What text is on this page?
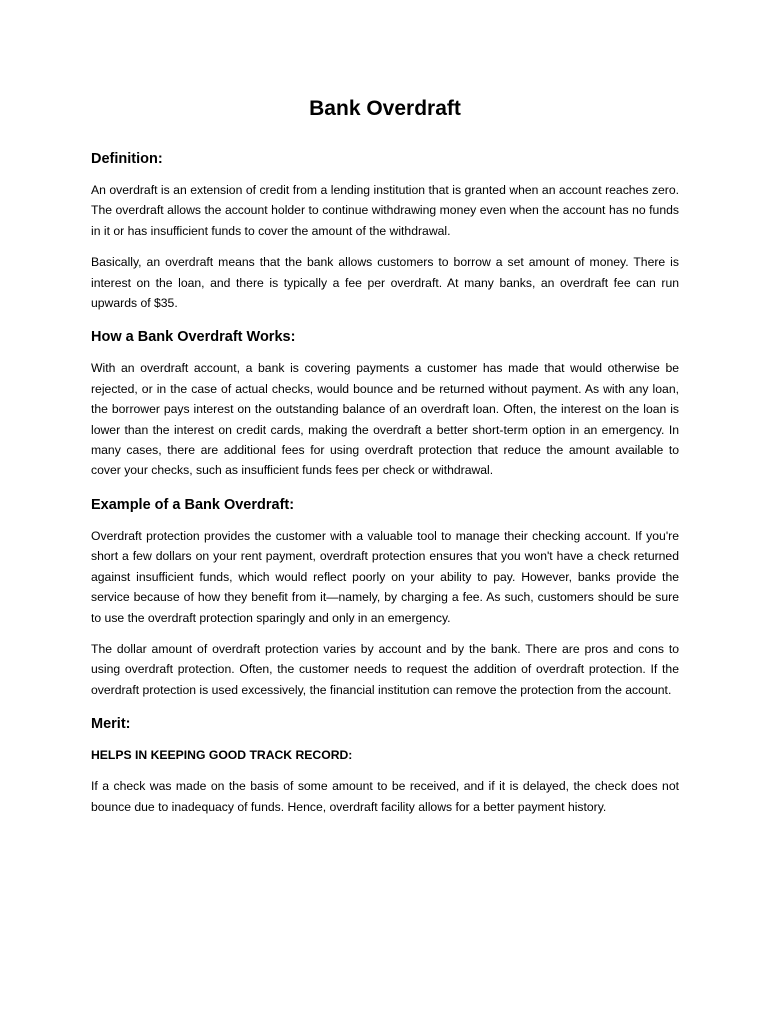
Bank Overdraft
Definition:

An overdraft is an extension of credit from a lending institution that is granted when an account reaches zero. The overdraft allows the account holder to continue withdrawing money even when the account has no funds in it or has insufficient funds to cover the amount of the withdrawal.

Basically, an overdraft means that the bank allows customers to borrow a set amount of money. There is interest on the loan, and there is typically a fee per overdraft. At many banks, an overdraft fee can run upwards of $35.

How a Bank Overdraft Works:

With an overdraft account, a bank is covering payments a customer has made that would otherwise be rejected, or in the case of actual checks, would bounce and be returned without payment. As with any loan, the borrower pays interest on the outstanding balance of an overdraft loan. Often, the interest on the loan is lower than the interest on credit cards, making the overdraft a better short-term option in an emergency. In many cases, there are additional fees for using overdraft protection that reduce the amount available to cover your checks, such as insufficient funds fees per check or withdrawal.

Example of a Bank Overdraft:

Overdraft protection provides the customer with a valuable tool to manage their checking account. If you're short a few dollars on your rent payment, overdraft protection ensures that you won't have a check returned against insufficient funds, which would reflect poorly on your ability to pay. However, banks provide the service because of how they benefit from it—namely, by charging a fee. As such, customers should be sure to use the overdraft protection sparingly and only in an emergency.

The dollar amount of overdraft protection varies by account and by the bank. There are pros and cons to using overdraft protection. Often, the customer needs to request the addition of overdraft protection. If the overdraft protection is used excessively, the financial institution can remove the protection from the account.

Merit:
HELPS IN KEEPING GOOD TRACK RECORD:

If a check was made on the basis of some amount to be received, and if it is delayed, the check does not bounce due to inadequacy of funds. Hence, overdraft facility allows for a better payment history.
